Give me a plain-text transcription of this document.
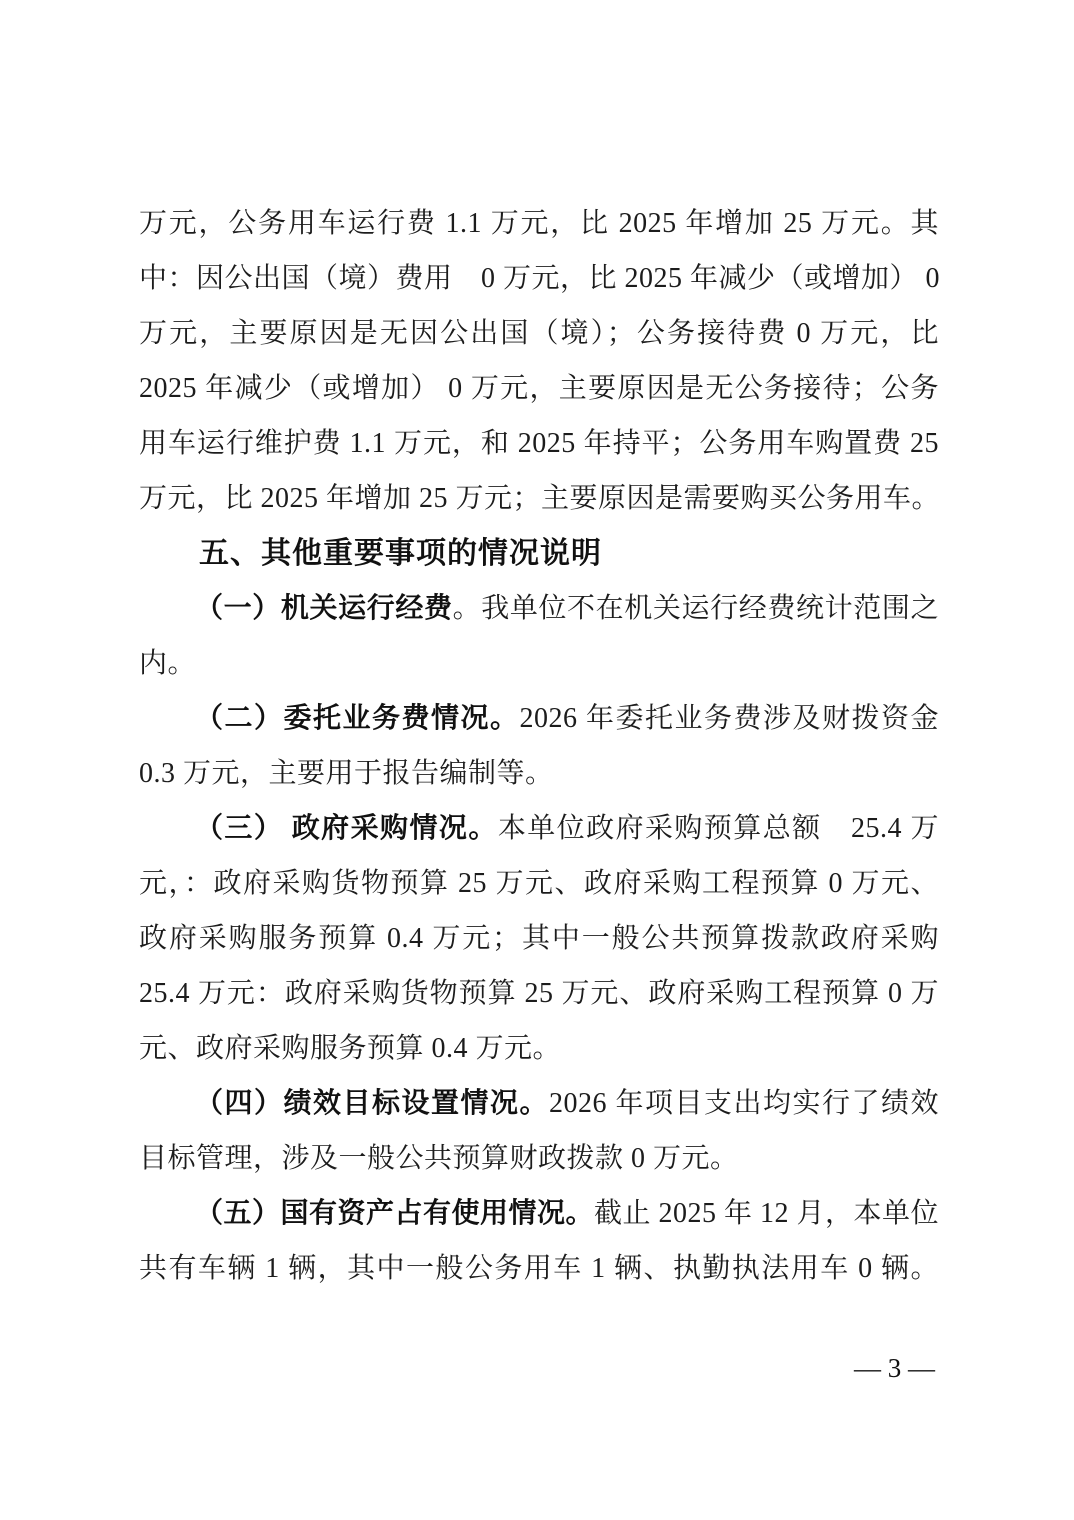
万元，公务用车运行费 1.1 万元，比 2025 年增加 25 万元。其
中：因公出国（境）费用　0 万元，比 2025 年减少（或增加） 0
万元，主要原因是无因公出国（境）；公务接待费 0 万元，比
2025 年减少（或增加） 0 万元，主要原因是无公务接待；公务
用车运行维护费 1.1 万元，和 2025 年持平；公务用车购置费 25
万元，比 2025 年增加 25 万元；主要原因是需要购买公务用车。
五、其他重要事项的情况说明
（一）机关运行经费。我单位不在机关运行经费统计范围之
内。
（二）委托业务费情况。2026 年委托业务费涉及财拨资金
0.3 万元，主要用于报告编制等。
（三） 政府采购情况。本单位政府采购预算总额　25.4 万
元，：政府采购货物预算 25 万元、政府采购工程预算 0 万元、
政府采购服务预算 0.4 万元；其中一般公共预算拨款政府采购
25.4 万元：政府采购货物预算 25 万元、政府采购工程预算 0 万
元、政府采购服务预算 0.4 万元。
（四）绩效目标设置情况。2026 年项目支出均实行了绩效
目标管理，涉及一般公共预算财政拨款 0 万元。
（五）国有资产占有使用情况。截止 2025 年 12 月，本单位
共有车辆 1 辆，其中一般公务用车 1 辆、执勤执法用车 0 辆。
— 3 —
